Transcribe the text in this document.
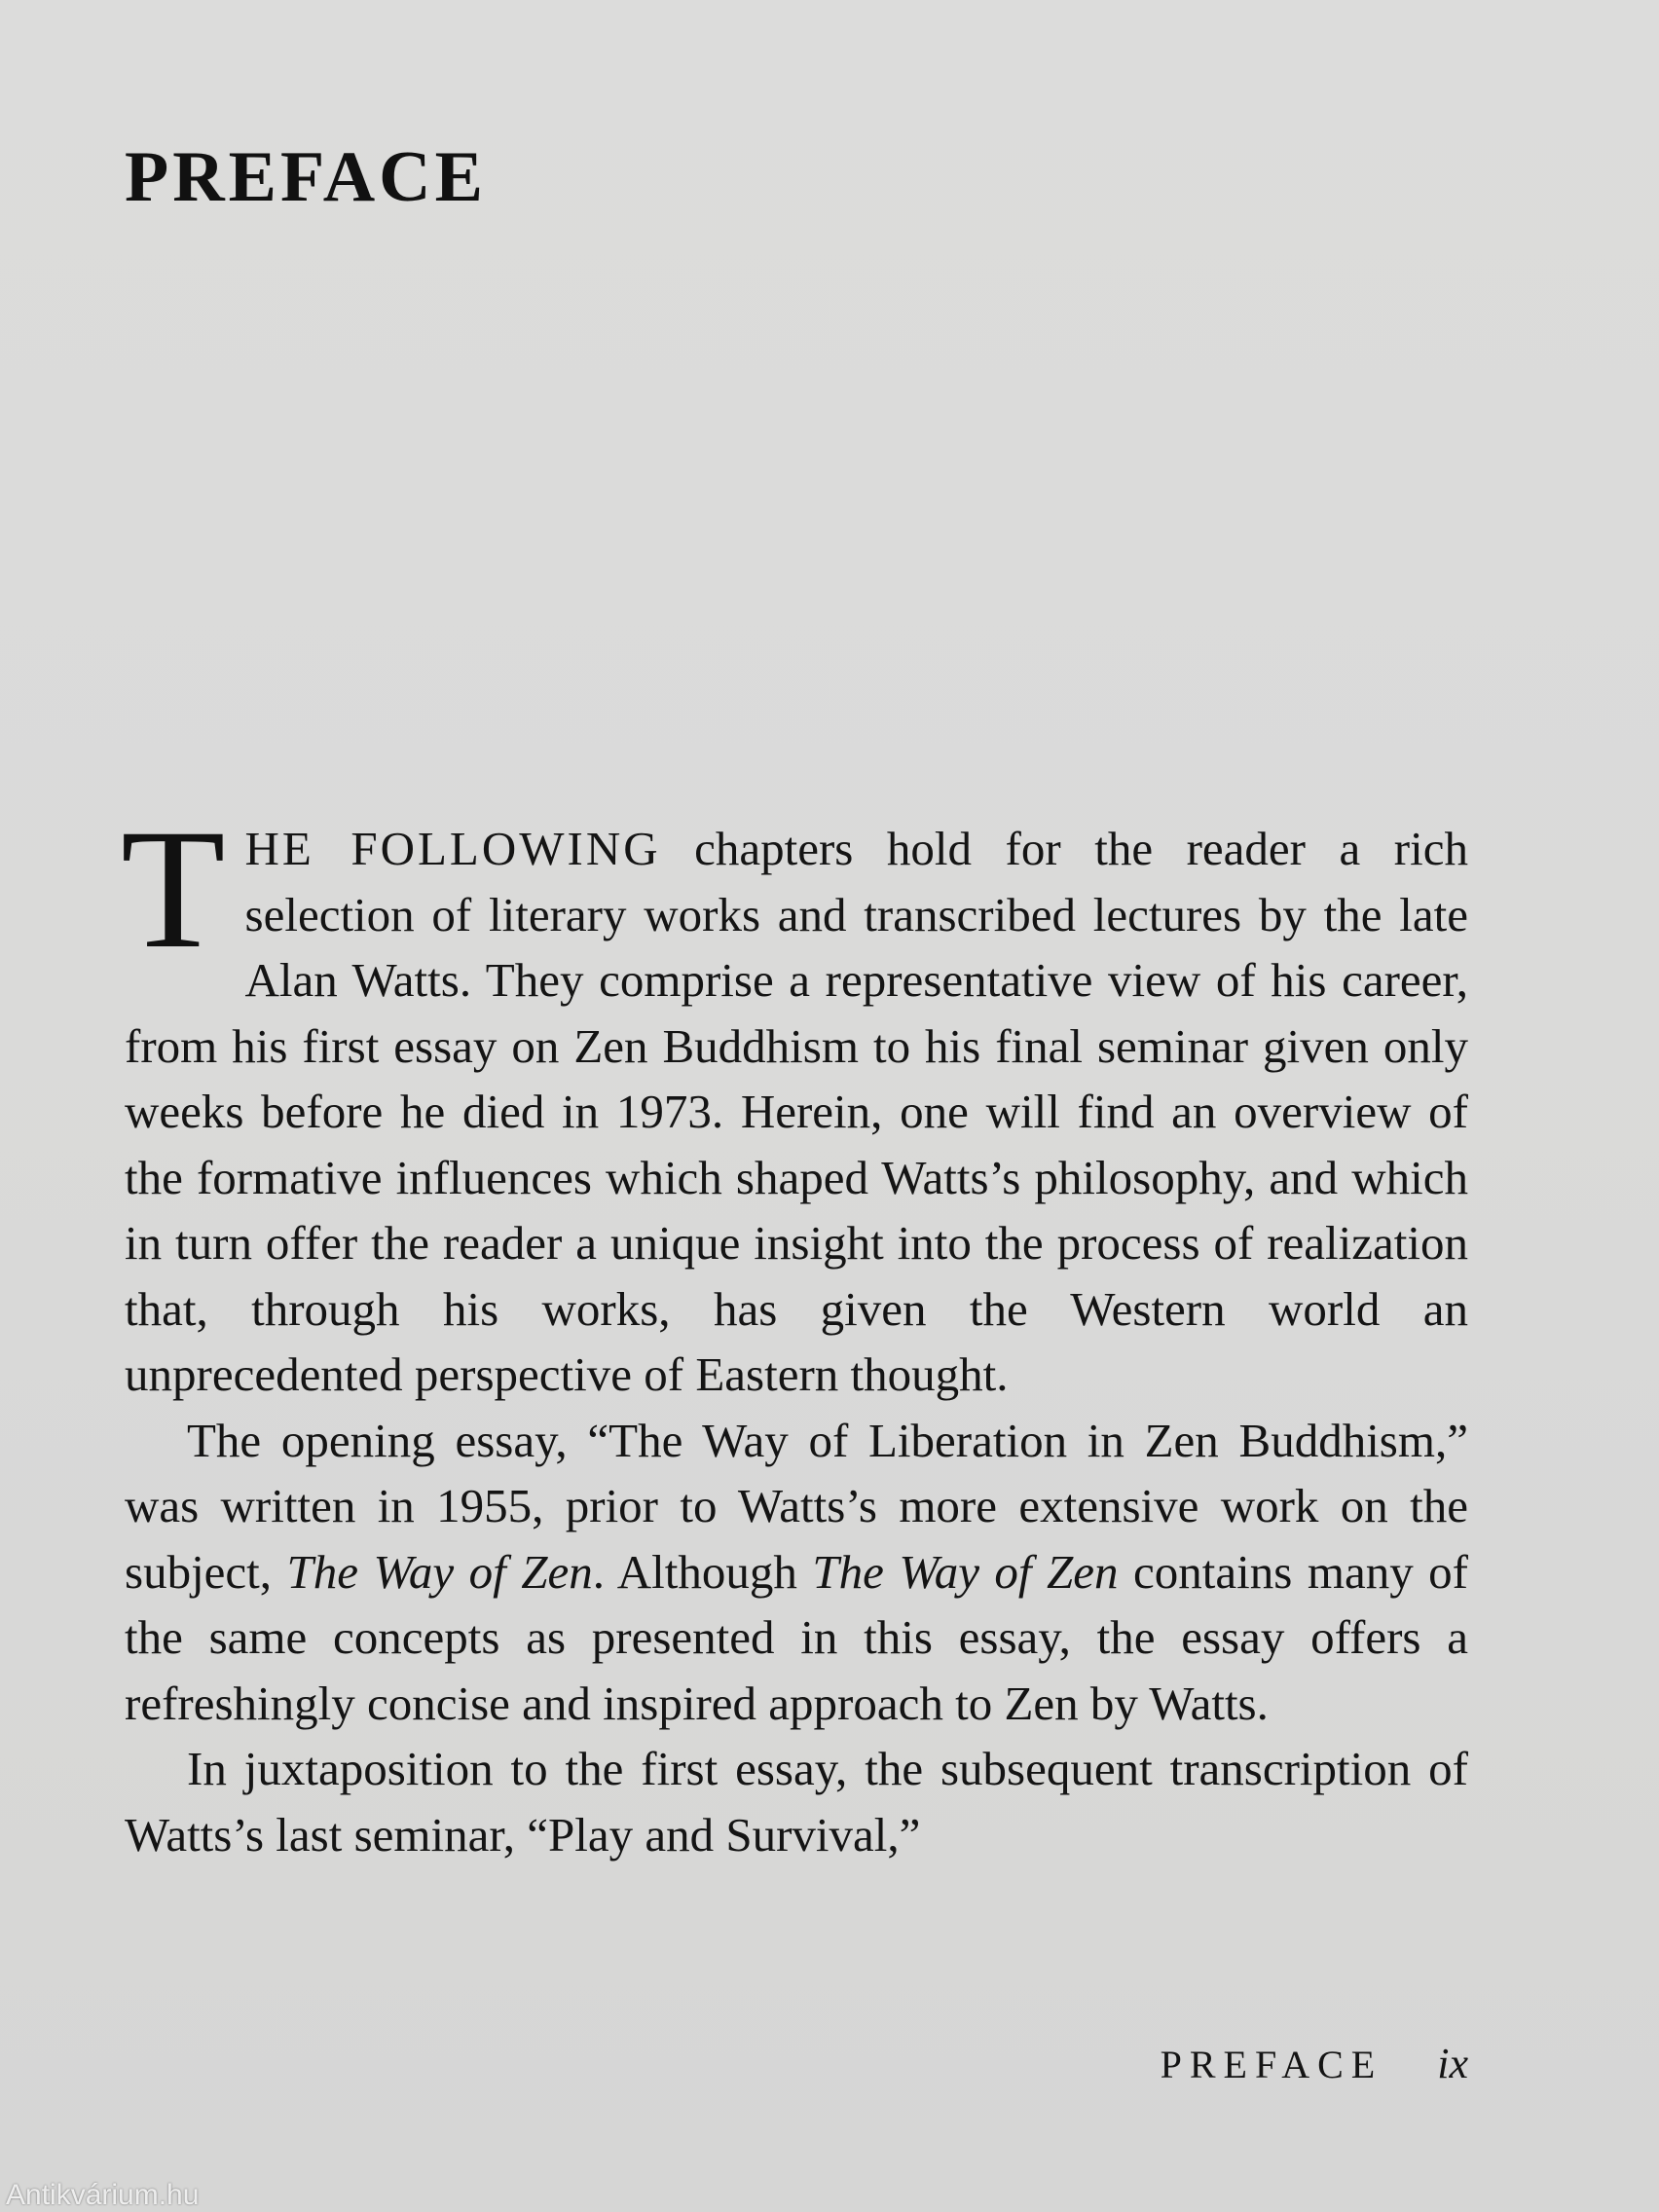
PREFACE

THE FOLLOWING chapters hold for the reader a rich selection of literary works and transcribed lectures by the late Alan Watts. They comprise a representative view of his career, from his first essay on Zen Buddhism to his final seminar given only weeks before he died in 1973. Herein, one will find an overview of the formative influences which shaped Watts’s philosophy, and which in turn offer the reader a unique insight into the process of realization that, through his works, has given the Western world an unprecedented perspective of Eastern thought.

The opening essay, “The Way of Liberation in Zen Buddhism,” was written in 1955, prior to Watts’s more extensive work on the subject, The Way of Zen. Although The Way of Zen contains many of the same concepts as presented in this essay, the essay offers a refreshingly concise and inspired approach to Zen by Watts.

In juxtaposition to the first essay, the subsequent transcription of Watts’s last seminar, “Play and Survival,”

PREFACE ix
Antikvárium.hu
